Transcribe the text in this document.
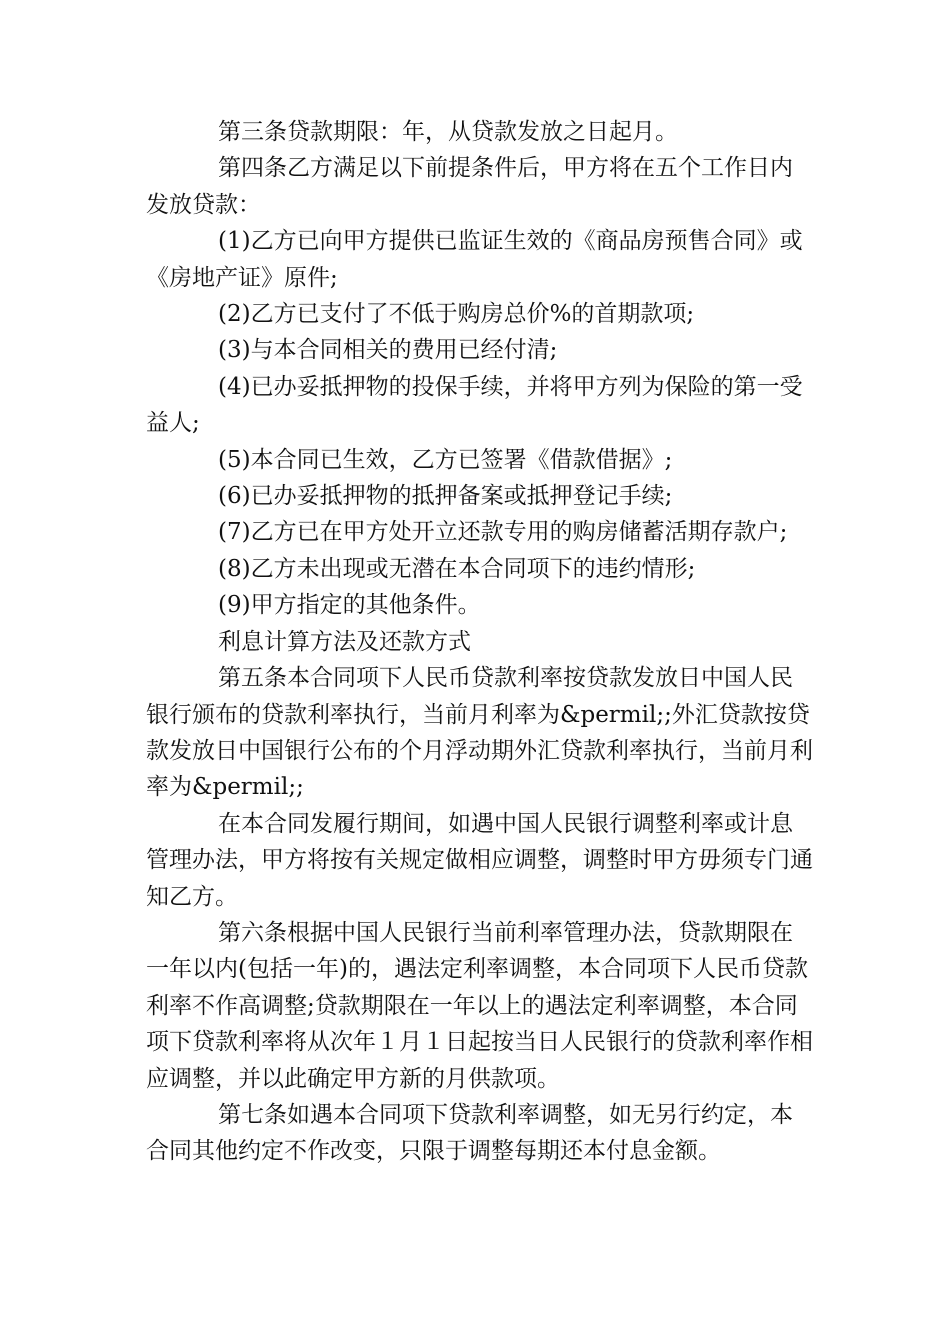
第三条贷款期限：年，从贷款发放之日起月。

第四条乙方满足以下前提条件后，甲方将在五个工作日内发放贷款：

(1)乙方已向甲方提供已监证生效的《商品房预售合同》或《房地产证》原件;

(2)乙方已支付了不低于购房总价%的首期款项;

(3)与本合同相关的费用已经付清;

(4)已办妥抵押物的投保手续，并将甲方列为保险的第一受益人;

(5)本合同已生效，乙方已签署《借款借据》;

(6)已办妥抵押物的抵押备案或抵押登记手续;

(7)乙方已在甲方处开立还款专用的购房储蓄活期存款户;

(8)乙方未出现或无潜在本合同项下的违约情形;

(9)甲方指定的其他条件。

利息计算方法及还款方式

第五条本合同项下人民币贷款利率按贷款发放日中国人民银行颁布的贷款利率执行，当前月利率为&permil;;外汇贷款按贷款发放日中国银行公布的个月浮动期外汇贷款利率执行，当前月利率为&permil;;

在本合同发履行期间，如遇中国人民银行调整利率或计息管理办法，甲方将按有关规定做相应调整，调整时甲方毋须专门通知乙方。

第六条根据中国人民银行当前利率管理办法，贷款期限在一年以内(包括一年)的，遇法定利率调整，本合同项下人民币贷款利率不作高调整;贷款期限在一年以上的遇法定利率调整，本合同项下贷款利率将从次年１月１日起按当日人民银行的贷款利率作相应调整，并以此确定甲方新的月供款项。

第七条如遇本合同项下贷款利率调整，如无另行约定，本合同其他约定不作改变，只限于调整每期还本付息金额。
